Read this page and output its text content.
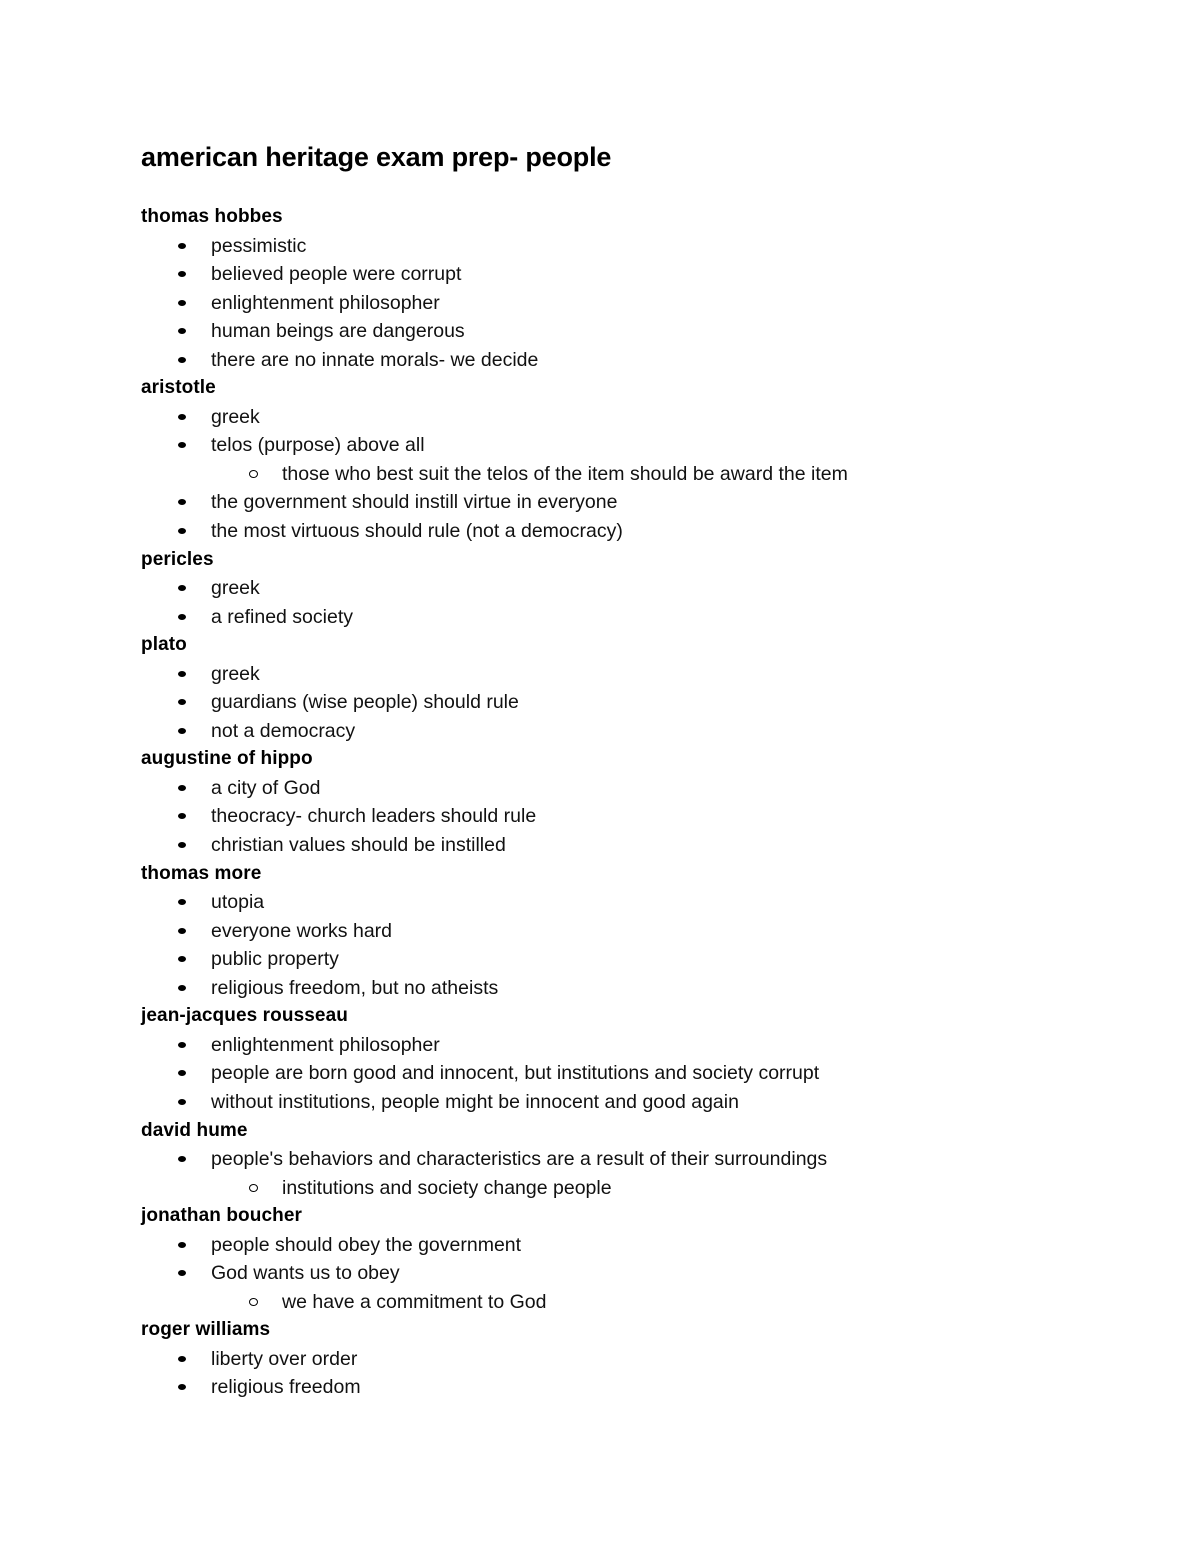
american heritage exam prep- people
thomas hobbes
pessimistic
believed people were corrupt
enlightenment philosopher
human beings are dangerous
there are no innate morals- we decide
aristotle
greek
telos (purpose) above all
those who best suit the telos of the item should be award the item
the government should instill virtue in everyone
the most virtuous should rule (not a democracy)
pericles
greek
a refined society
plato
greek
guardians (wise people) should rule
not a democracy
augustine of hippo
a city of God
theocracy- church leaders should rule
christian values should be instilled
thomas more
utopia
everyone works hard
public property
religious freedom, but no atheists
jean-jacques rousseau
enlightenment philosopher
people are born good and innocent, but institutions and society corrupt
without institutions, people might be innocent and good again
david hume
people's behaviors and characteristics are a result of their surroundings
institutions and society change people
jonathan boucher
people should obey the government
God wants us to obey
we have a commitment to God
roger williams
liberty over order
religious freedom
